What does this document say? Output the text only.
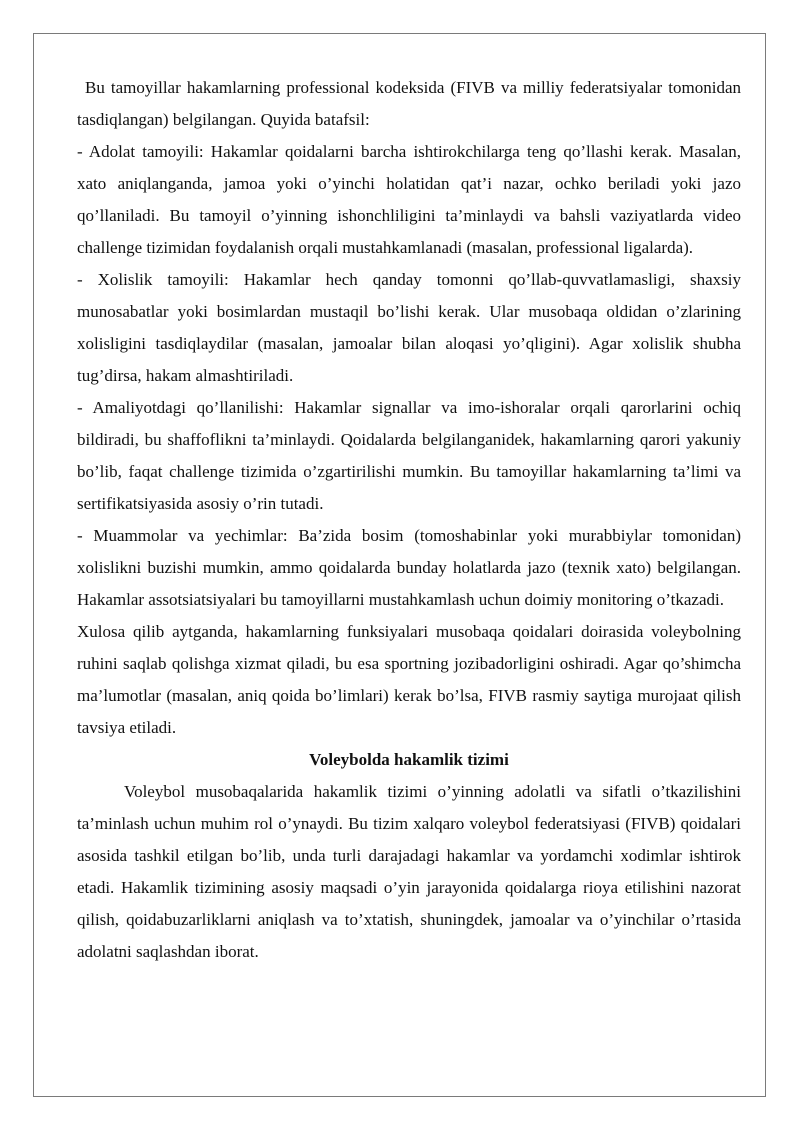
Bu tamoyillar hakamlarning professional kodeksida (FIVB va milliy federatsiyalar tomonidan tasdiqlangan) belgilangan. Quyida batafsil:

- Adolat tamoyili: Hakamlar qoidalarni barcha ishtirokchilarga teng qo’llashi kerak. Masalan, xato aniqlanganda, jamoa yoki o’yinchi holatidan qat’i nazar, ochko beriladi yoki jazo qo’llaniladi. Bu tamoyil o’yinning ishonchliligini ta’minlaydi va bahsli vaziyatlarda video challenge tizimidan foydalanish orqali mustahkamlanadi (masalan, professional ligalarda).

- Xolislik tamoyili: Hakamlar hech qanday tomonni qo’llab-quvvatlamasligi, shaxsiy munosabatlar yoki bosimlardan mustaqil bo’lishi kerak. Ular musobaqa oldidan o’zlarining xolisligini tasdiqlaydilar (masalan, jamoalar bilan aloqasi yo’qligini). Agar xolislik shubha tug’dirsa, hakam almashtiriladi.

- Amaliyotdagi qo’llanilishi: Hakamlar signallar va imo-ishoralar orqali qarorlarini ochiq bildiradi, bu shaffoflikni ta’minlaydi. Qoidalarda belgilanganidek, hakamlarning qarori yakuniy bo’lib, faqat challenge tizimida o’zgartirilishi mumkin. Bu tamoyillar hakamlarning ta’limi va sertifikatsiyasida asosiy o’rin tutadi.

- Muammolar va yechimlar: Ba’zida bosim (tomoshabinlar yoki murabbiylar tomonidan) xolislikni buzishi mumkin, ammo qoidalarda bunday holatlarda jazo (texnik xato) belgilangan. Hakamlar assotsiatsiyalari bu tamoyillarni mustahkamlash uchun doimiy monitoring o’tkazadi.

Xulosa qilib aytganda, hakamlarning funksiyalari musobaqa qoidalari doirasida voleybolning ruhini saqlab qolishga xizmat qiladi, bu esa sportning jozibadorligini oshiradi. Agar qo’shimcha ma’lumotlar (masalan, aniq qoida bo’limlari) kerak bo’lsa, FIVB rasmiy saytiga murojaat qilish tavsiya etiladi.

Voleybolda hakamlik tizimi

Voleybol musobaqalarida hakamlik tizimi o’yinning adolatli va sifatli o’tkazilishini ta’minlash uchun muhim rol o’ynaydi. Bu tizim xalqaro voleybol federatsiyasi (FIVB) qoidalari asosida tashkil etilgan bo’lib, unda turli darajadagi hakamlar va yordamchi xodimlar ishtirok etadi. Hakamlik tizimining asosiy maqsadi o’yin jarayonida qoidalarga rioya etilishini nazorat qilish, qoidabuzarliklarni aniqlash va to’xtatish, shuningdek, jamoalar va o’yinchilar o’rtasida adolatni saqlashdan iborat.
